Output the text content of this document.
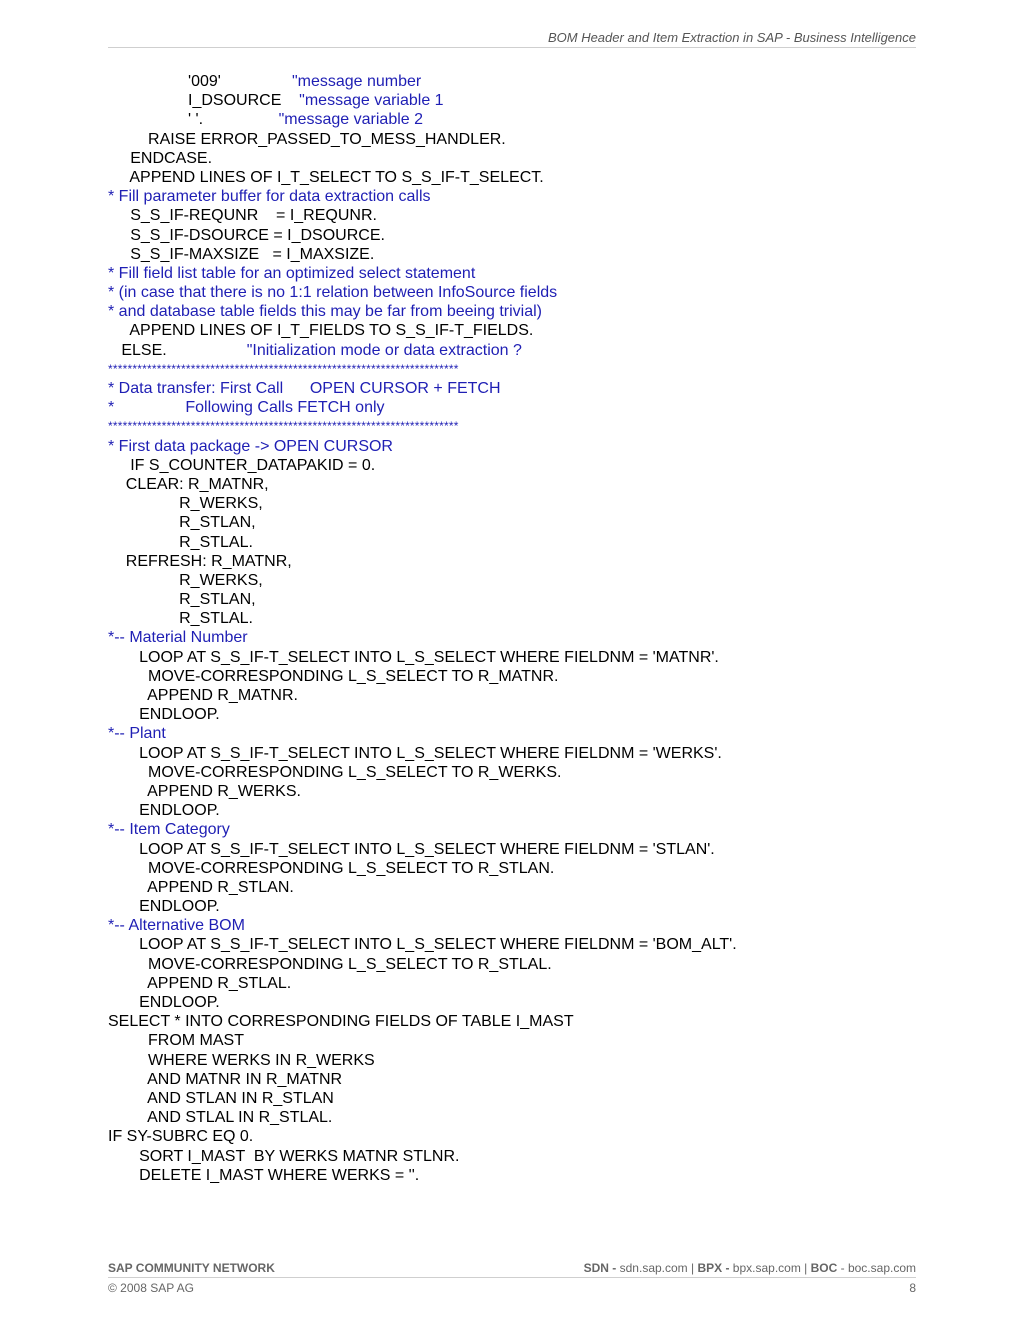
BOM Header and Item Extraction in SAP - Business Intelligence
'009'                "message number
I_DSOURCE    "message variable 1
' '.                 "message variable 2
RAISE ERROR_PASSED_TO_MESS_HANDLER.
ENDCASE.
APPEND LINES OF I_T_SELECT TO S_S_IF-T_SELECT.
* Fill parameter buffer for data extraction calls
S_S_IF-REQUNR    = I_REQUNR.
S_S_IF-DSOURCE = I_DSOURCE.
S_S_IF-MAXSIZE   = I_MAXSIZE.
* Fill field list table for an optimized select statement
* (in case that there is no 1:1 relation between InfoSource fields
* and database table fields this may be far from beeing trivial)
APPEND LINES OF I_T_FIELDS TO S_S_IF-T_FIELDS.
ELSE.                  "Initialization mode or data extraction ?
************************************************************************
* Data transfer: First Call      OPEN CURSOR + FETCH
*                Following Calls FETCH only
************************************************************************
* First data package -> OPEN CURSOR
IF S_COUNTER_DATAPAKID = 0.
CLEAR: R_MATNR,
R_WERKS,
R_STLAN,
R_STLAL.
REFRESH: R_MATNR,
R_WERKS,
R_STLAN,
R_STLAL.
*-- Material Number
LOOP AT S_S_IF-T_SELECT INTO L_S_SELECT WHERE FIELDNM = 'MATNR'.
MOVE-CORRESPONDING L_S_SELECT TO R_MATNR.
APPEND R_MATNR.
ENDLOOP.
*-- Plant
LOOP AT S_S_IF-T_SELECT INTO L_S_SELECT WHERE FIELDNM = 'WERKS'.
MOVE-CORRESPONDING L_S_SELECT TO R_WERKS.
APPEND R_WERKS.
ENDLOOP.
*-- Item Category
LOOP AT S_S_IF-T_SELECT INTO L_S_SELECT WHERE FIELDNM = 'STLAN'.
MOVE-CORRESPONDING L_S_SELECT TO R_STLAN.
APPEND R_STLAN.
ENDLOOP.
*-- Alternative BOM
LOOP AT S_S_IF-T_SELECT INTO L_S_SELECT WHERE FIELDNM = 'BOM_ALT'.
MOVE-CORRESPONDING L_S_SELECT TO R_STLAL.
APPEND R_STLAL.
ENDLOOP.
SELECT * INTO CORRESPONDING FIELDS OF TABLE I_MAST
FROM MAST
WHERE WERKS IN R_WERKS
AND MATNR IN R_MATNR
AND STLAN IN R_STLAN
AND STLAL IN R_STLAL.
IF SY-SUBRC EQ 0.
SORT I_MAST  BY WERKS MATNR STLNR.
DELETE I_MAST WHERE WERKS = ''.
SAP COMMUNITY NETWORK	SDN - sdn.sap.com | BPX - bpx.sap.com | BOC - boc.sap.com
© 2008 SAP AG	8
